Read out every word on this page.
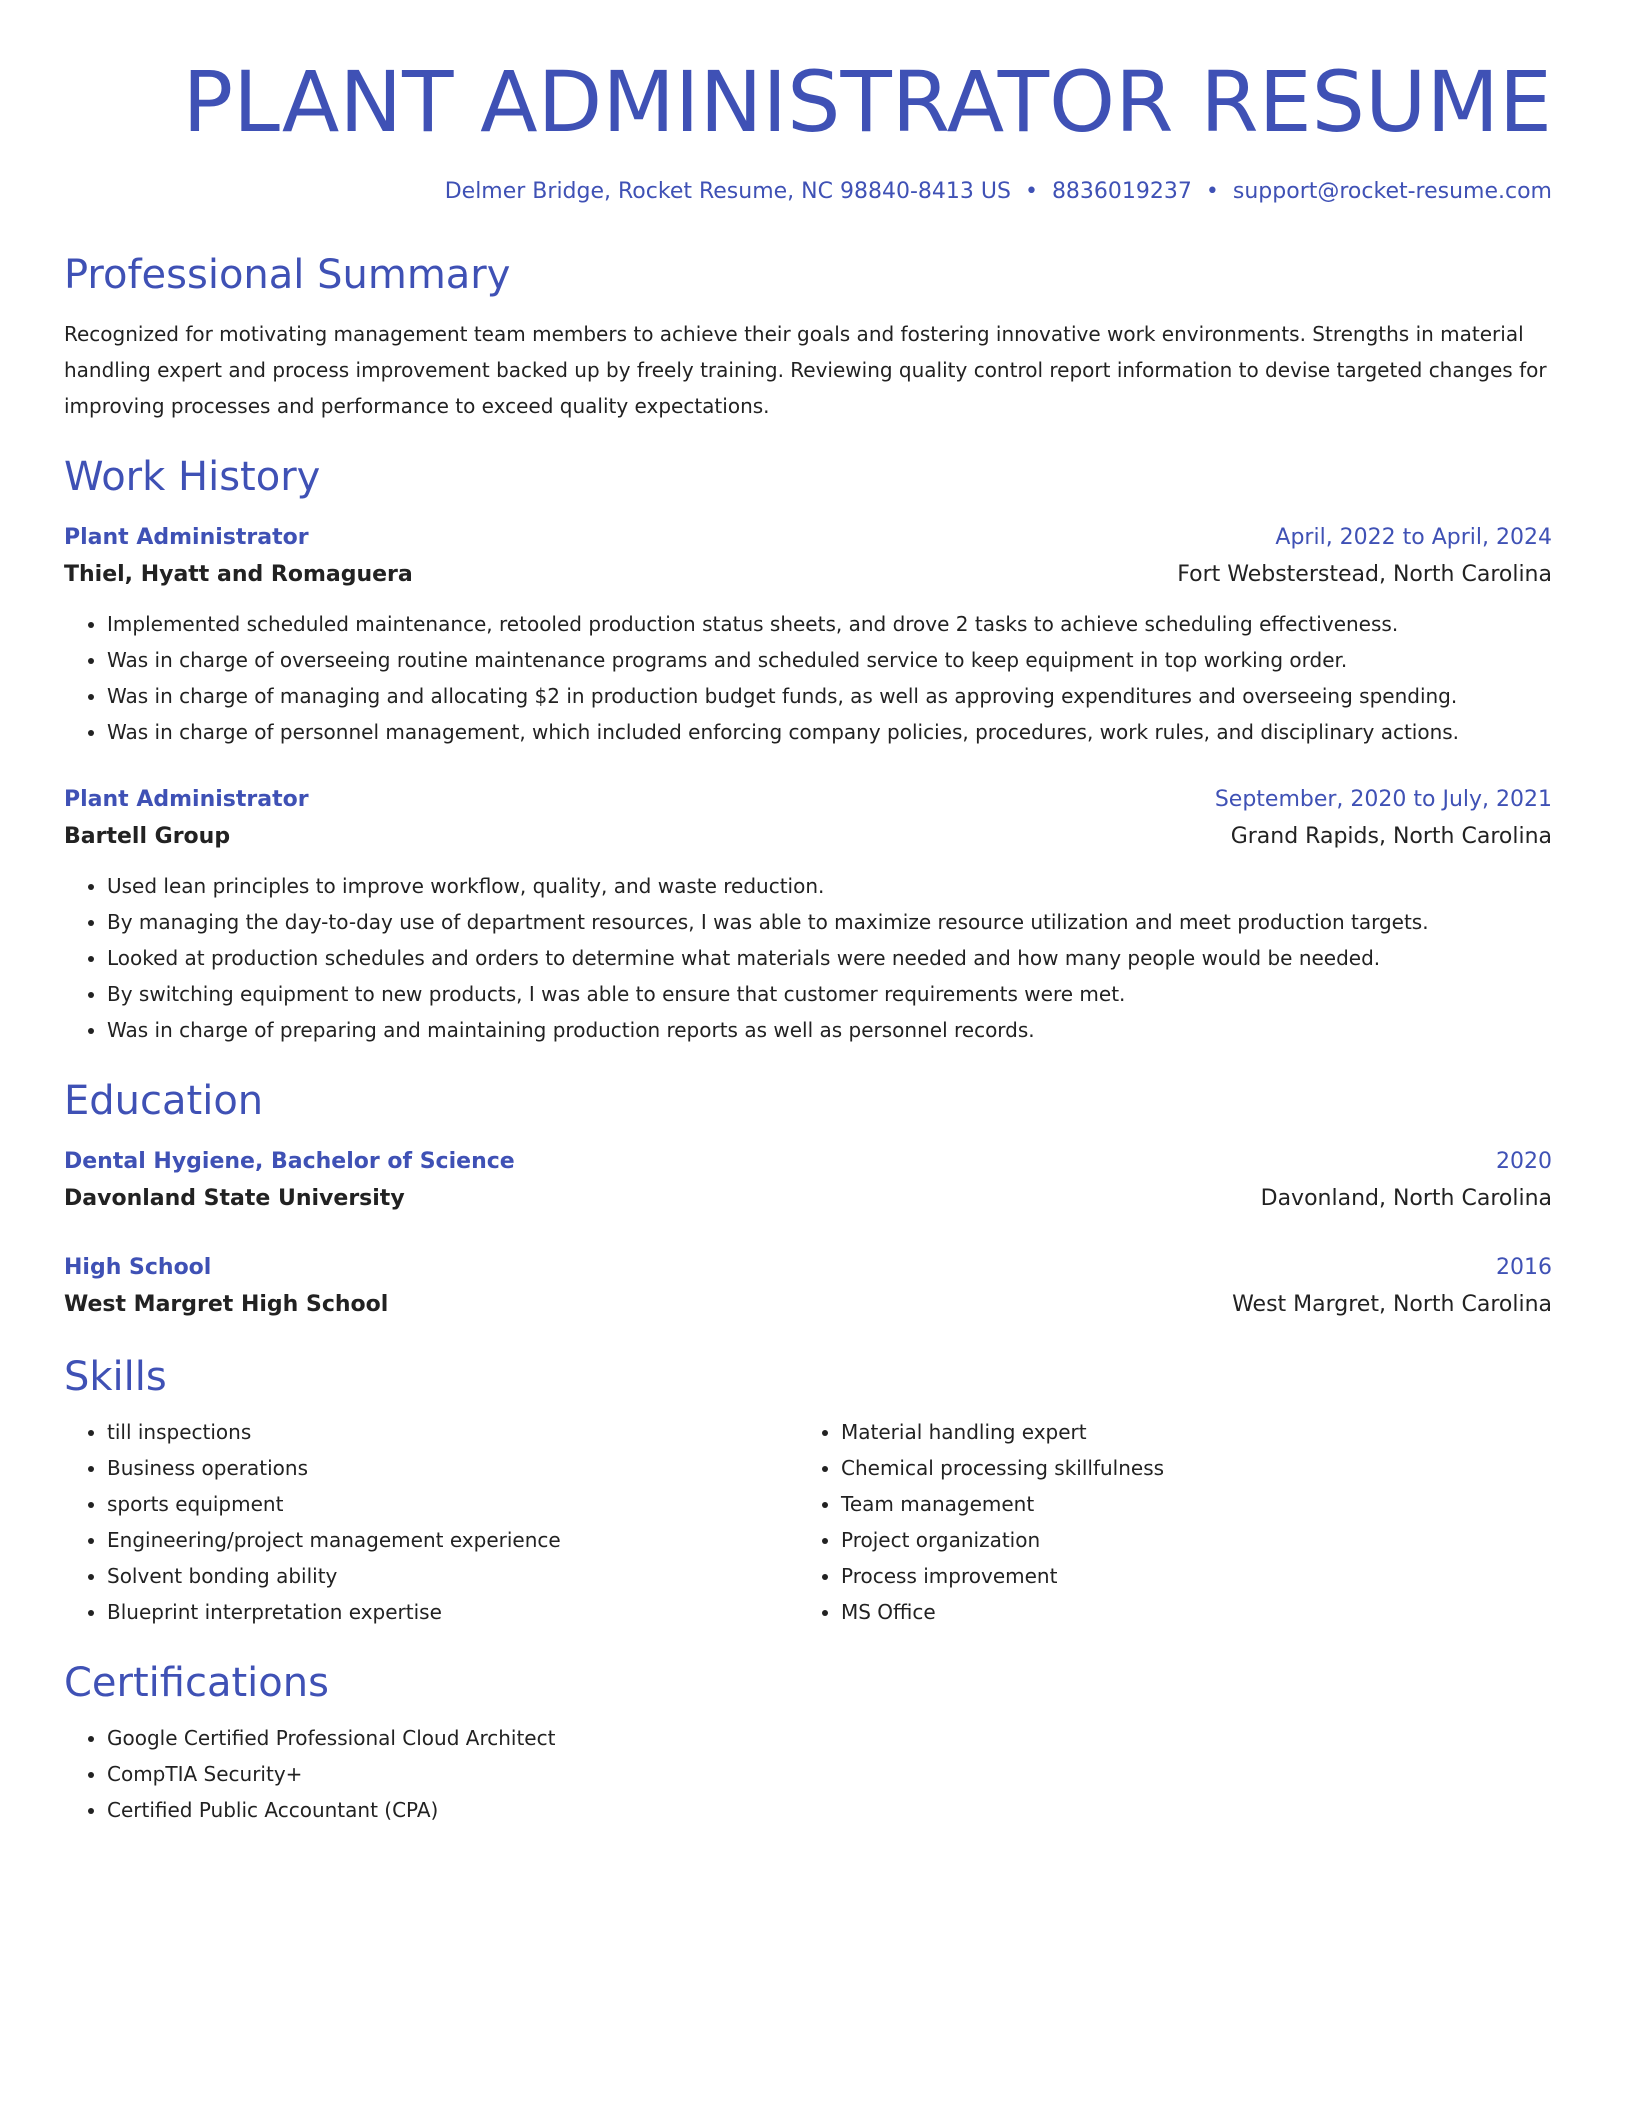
PLANT ADMINISTRATOR RESUME
Delmer Bridge, Rocket Resume, NC 98840-8413 US • 8836019237 • support@rocket-resume.com
Professional Summary
Recognized for motivating management team members to achieve their goals and fostering innovative work environments. Strengths in material handling expert and process improvement backed up by freely training. Reviewing quality control report information to devise targeted changes for improving processes and performance to exceed quality expectations.
Work History
Plant Administrator	April, 2022 to April, 2024
Thiel, Hyatt and Romaguera	Fort Websterstead, North Carolina
• Implemented scheduled maintenance, retooled production status sheets, and drove 2 tasks to achieve scheduling effectiveness.
• Was in charge of overseeing routine maintenance programs and scheduled service to keep equipment in top working order.
• Was in charge of managing and allocating $2 in production budget funds, as well as approving expenditures and overseeing spending.
• Was in charge of personnel management, which included enforcing company policies, procedures, work rules, and disciplinary actions.
Plant Administrator	September, 2020 to July, 2021
Bartell Group	Grand Rapids, North Carolina
• Used lean principles to improve workflow, quality, and waste reduction.
• By managing the day-to-day use of department resources, I was able to maximize resource utilization and meet production targets.
• Looked at production schedules and orders to determine what materials were needed and how many people would be needed.
• By switching equipment to new products, I was able to ensure that customer requirements were met.
• Was in charge of preparing and maintaining production reports as well as personnel records.
Education
Dental Hygiene, Bachelor of Science	2020
Davonland State University	Davonland, North Carolina
High School	2016
West Margret High School	West Margret, North Carolina
Skills
• till inspections
• Business operations
• sports equipment
• Engineering/project management experience
• Solvent bonding ability
• Blueprint interpretation expertise
• Material handling expert
• Chemical processing skillfulness
• Team management
• Project organization
• Process improvement
• MS Office
Certifications
• Google Certified Professional Cloud Architect
• CompTIA Security+
• Certified Public Accountant (CPA)
